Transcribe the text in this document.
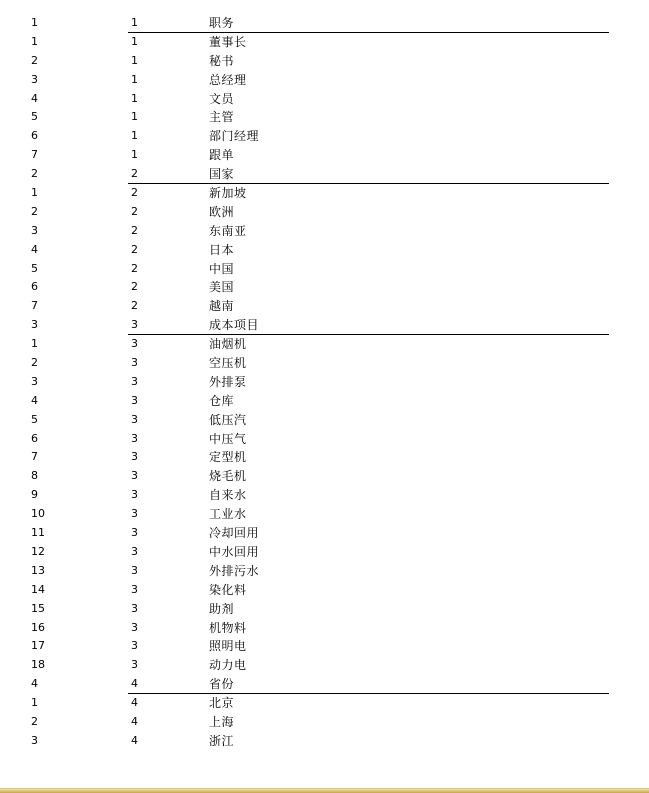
1	1	职务
1	1	董事长
2	1	秘书
3	1	总经理
4	1	文员
5	1	主管
6	1	部门经理
7	1	跟单
2	2	国家
1	2	新加坡
2	2	欧洲
3	2	东南亚
4	2	日本
5	2	中国
6	2	美国
7	2	越南
3	3	成本项目
1	3	油烟机
2	3	空压机
3	3	外排泵
4	3	仓库
5	3	低压汽
6	3	中压气
7	3	定型机
8	3	烧毛机
9	3	自来水
10	3	工业水
11	3	冷却回用
12	3	中水回用
13	3	外排污水
14	3	染化料
15	3	助剂
16	3	机物料
17	3	照明电
18	3	动力电
4	4	省份
1	4	北京
2	4	上海
3	4	浙江
